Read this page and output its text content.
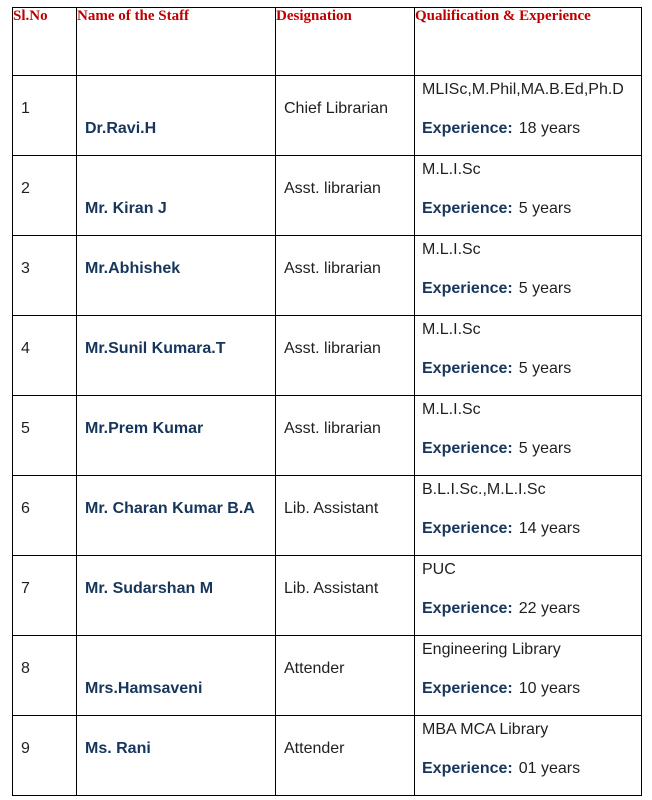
Sl.No	Name of the Staff	Designation	Qualification & Experience

1	Dr.Ravi.H	Chief Librarian	MLISc,M.Phil,MA.B.Ed,Ph.D
Experience: 18 years

2	Mr. Kiran J	Asst. librarian	M.L.I.Sc
Experience: 5 years

3	Mr.Abhishek	Asst. librarian	M.L.I.Sc
Experience: 5 years

4	Mr.Sunil Kumara.T	Asst. librarian	M.L.I.Sc
Experience: 5 years

5	Mr.Prem Kumar	Asst. librarian	M.L.I.Sc
Experience: 5 years

6	Mr. Charan Kumar B.A	Lib. Assistant	B.L.I.Sc.,M.L.I.Sc
Experience: 14 years

7	Mr. Sudarshan M	Lib. Assistant	PUC
Experience: 22 years

8	Mrs.Hamsaveni	Attender	Engineering Library
Experience: 10 years

9	Ms. Rani	Attender	MBA MCA Library
Experience: 01 years
